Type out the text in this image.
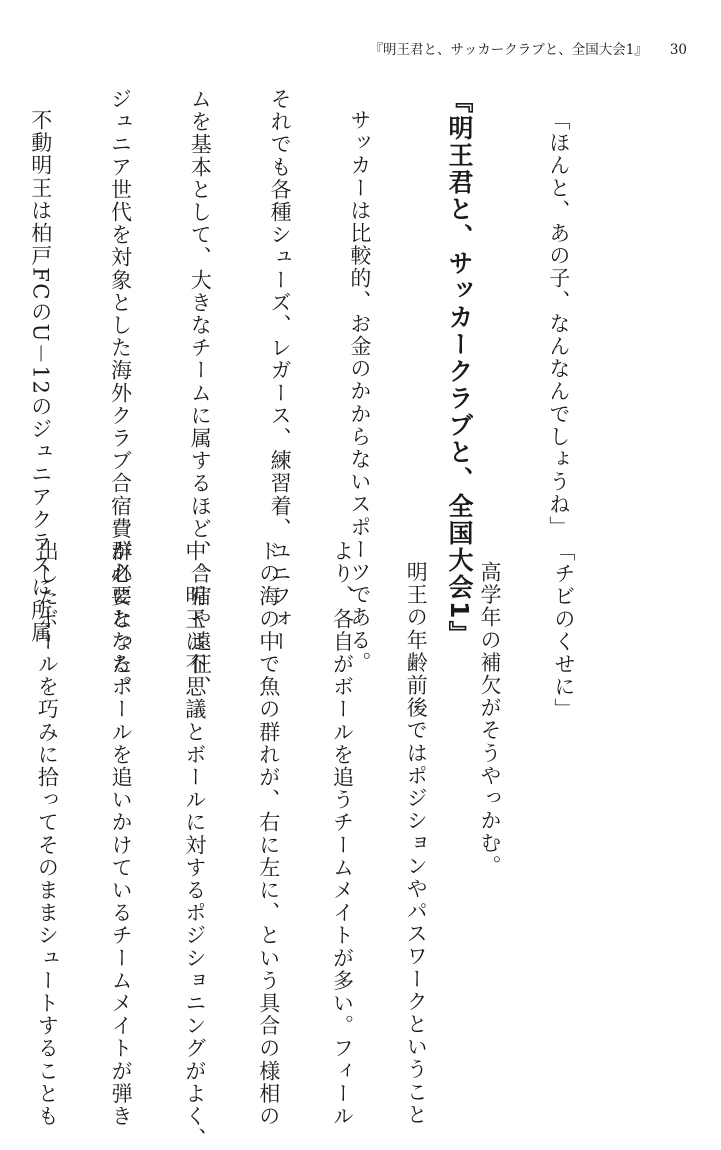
『明王君と、サッカークラブと、全国大会1』 30

「ほんと、あの子、なんなんでしょうね」

『明王君と、サッカークラブと、全国大会1』

サッカーは比較的、お金のかからないスポーツである。

それでも各種シューズ、レガース、練習着、ユニフォー

ムを基本として、大きなチームに属するほど、合宿や遠征、

ジュニア世代を対象とした海外クラブ合宿費が必要となる。

不動明王は柏戸FCのU－12のジュニアクラスに所属

	「チビのくせに」

高学年の補欠がそうやっかむ。

明王の年齢前後ではポジションやパスワークということ

より、各自がボールを追うチームメイトが多い。フィール

ドの海の中で魚の群れが、右に左に、という具合の様相の

中。明王は不思議とボールに対するポジショニングがよく、

群れになったボールを追いかけているチームメイトが弾き

出したボールを巧みに拾ってそのままシュートすることも
